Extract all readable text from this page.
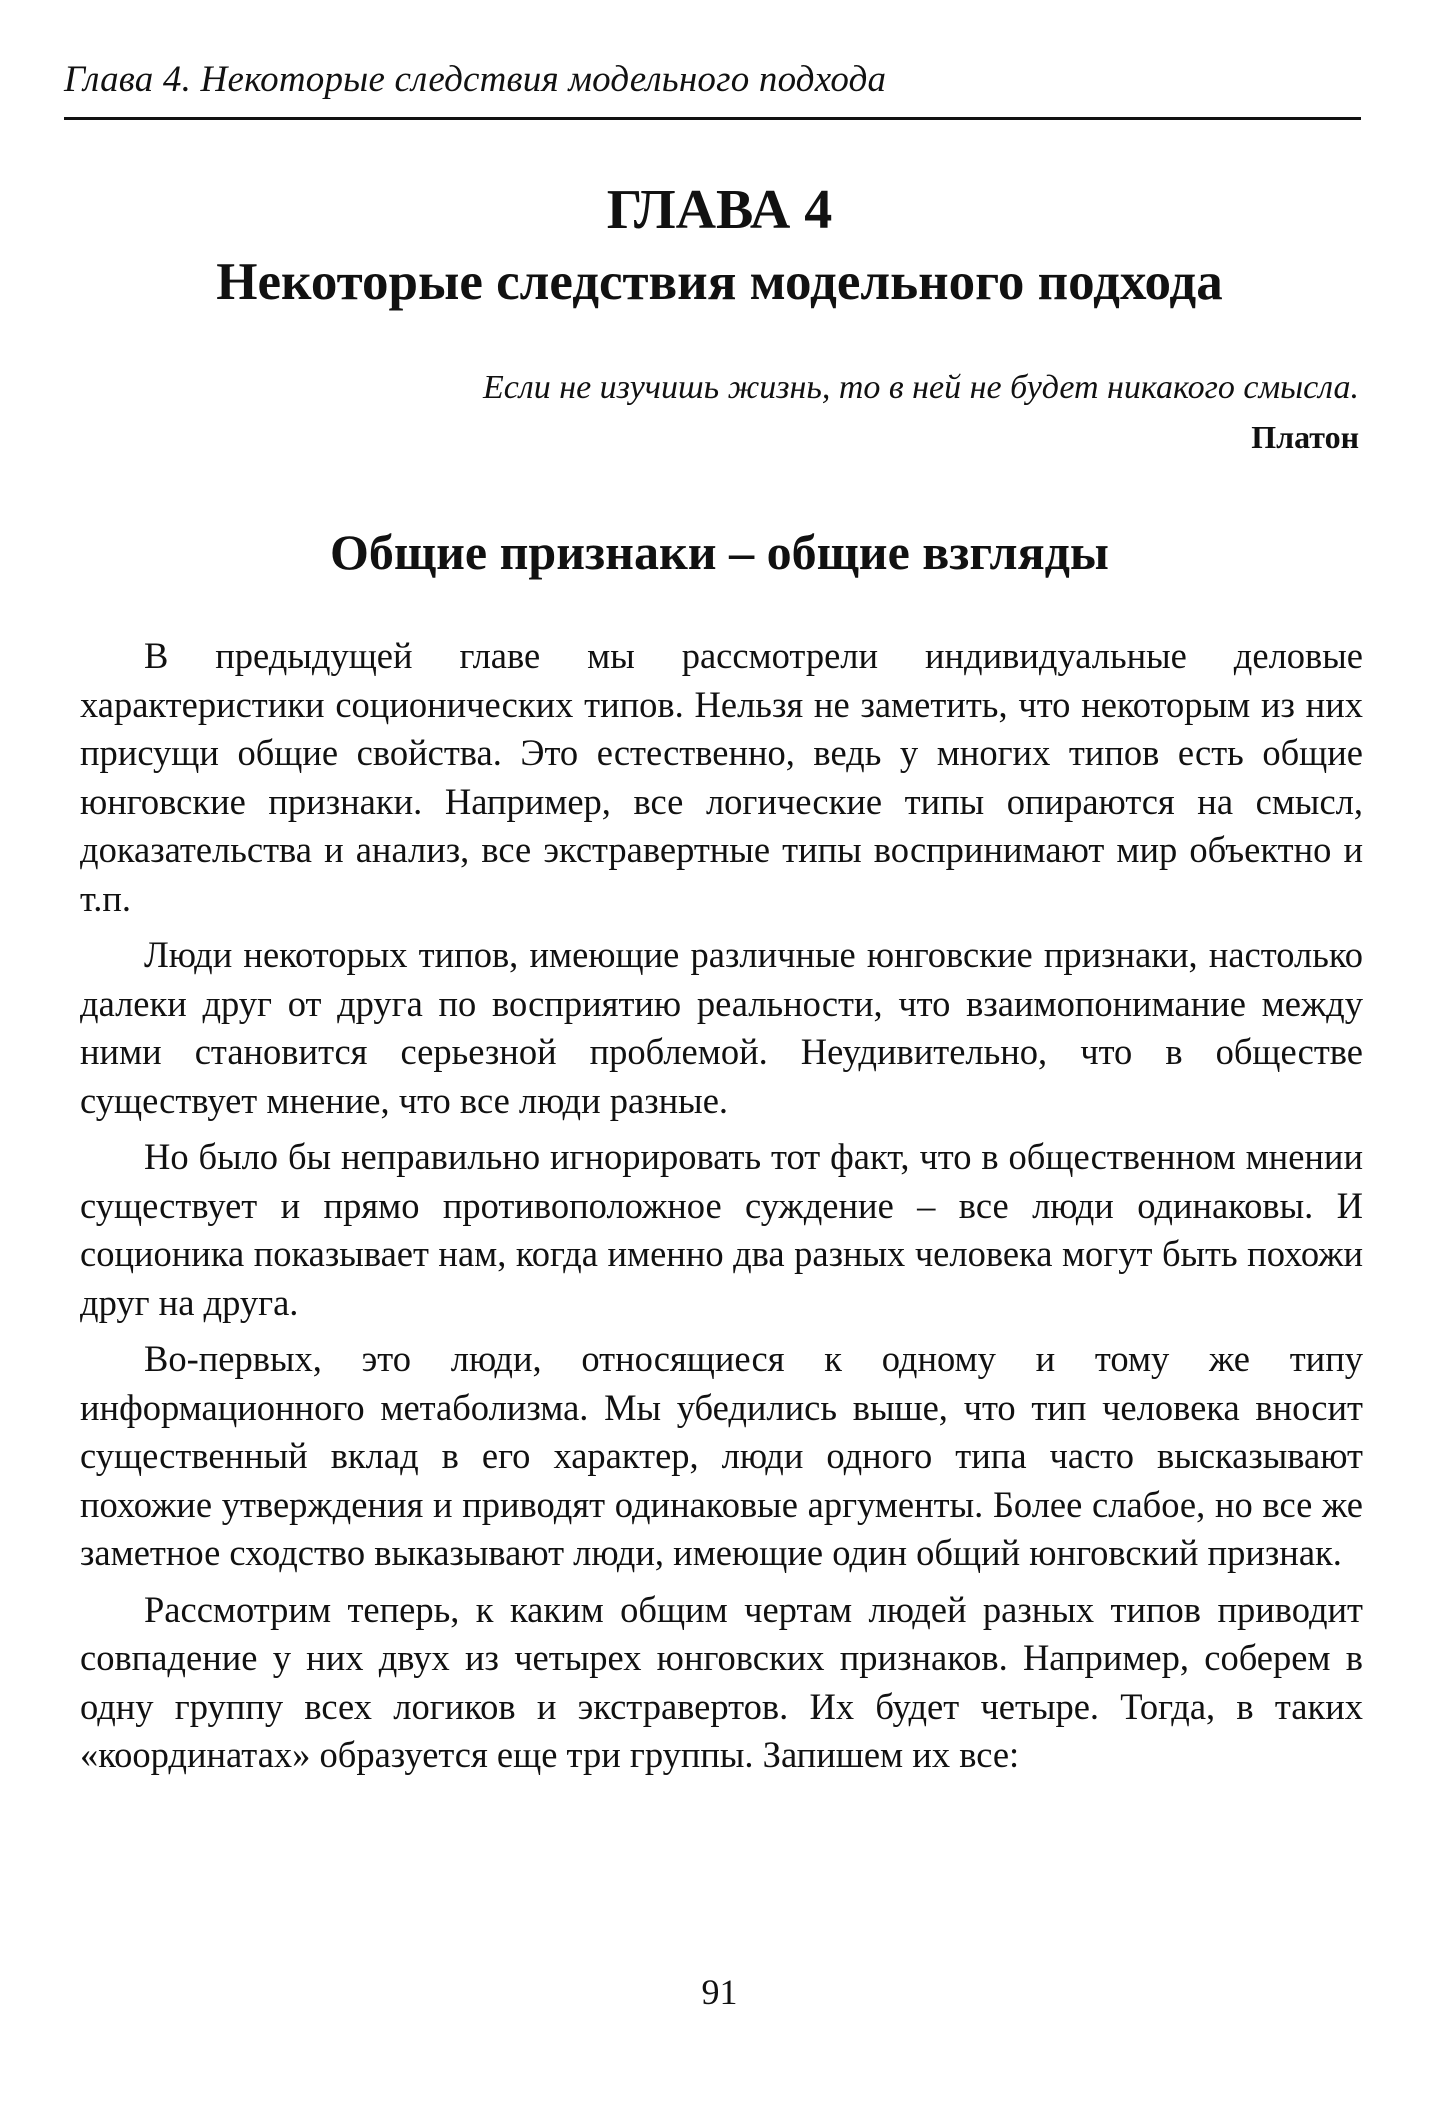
Глава 4. Некоторые следствия модельного подхода
ГЛАВА 4
Некоторые следствия модельного подхода
Если не изучишь жизнь, то в ней не будет никакого смысла.
Платон
Общие признаки – общие взгляды

В предыдущей главе мы рассмотрели индивидуальные деловые характеристики соционических типов. Нельзя не заметить, что некоторым из них присущи общие свойства. Это естественно, ведь у многих типов есть общие юнговские признаки. Например, все логические типы опираются на смысл, доказательства и анализ, все экстравертные типы воспринимают мир объектно и т.п.

Люди некоторых типов, имеющие различные юнговские признаки, настолько далеки друг от друга по восприятию реальности, что взаимопонимание между ними становится серьезной проблемой. Неудивительно, что в обществе существует мнение, что все люди разные.

Но было бы неправильно игнорировать тот факт, что в общественном мнении существует и прямо противоположное суждение – все люди одинаковы. И соционика показывает нам, когда именно два разных человека могут быть похожи друг на друга.

Во-первых, это люди, относящиеся к одному и тому же типу информационного метаболизма. Мы убедились выше, что тип человека вносит существенный вклад в его характер, люди одного типа часто высказывают похожие утверждения и приводят одинаковые аргументы. Более слабое, но все же заметное сходство выказывают люди, имеющие один общий юнговский признак.

Рассмотрим теперь, к каким общим чертам людей разных типов приводит совпадение у них двух из четырех юнговских признаков. Например, соберем в одну группу всех логиков и экстравертов. Их будет четыре. Тогда, в таких «координатах» образуется еще три группы. Запишем их все:

91
